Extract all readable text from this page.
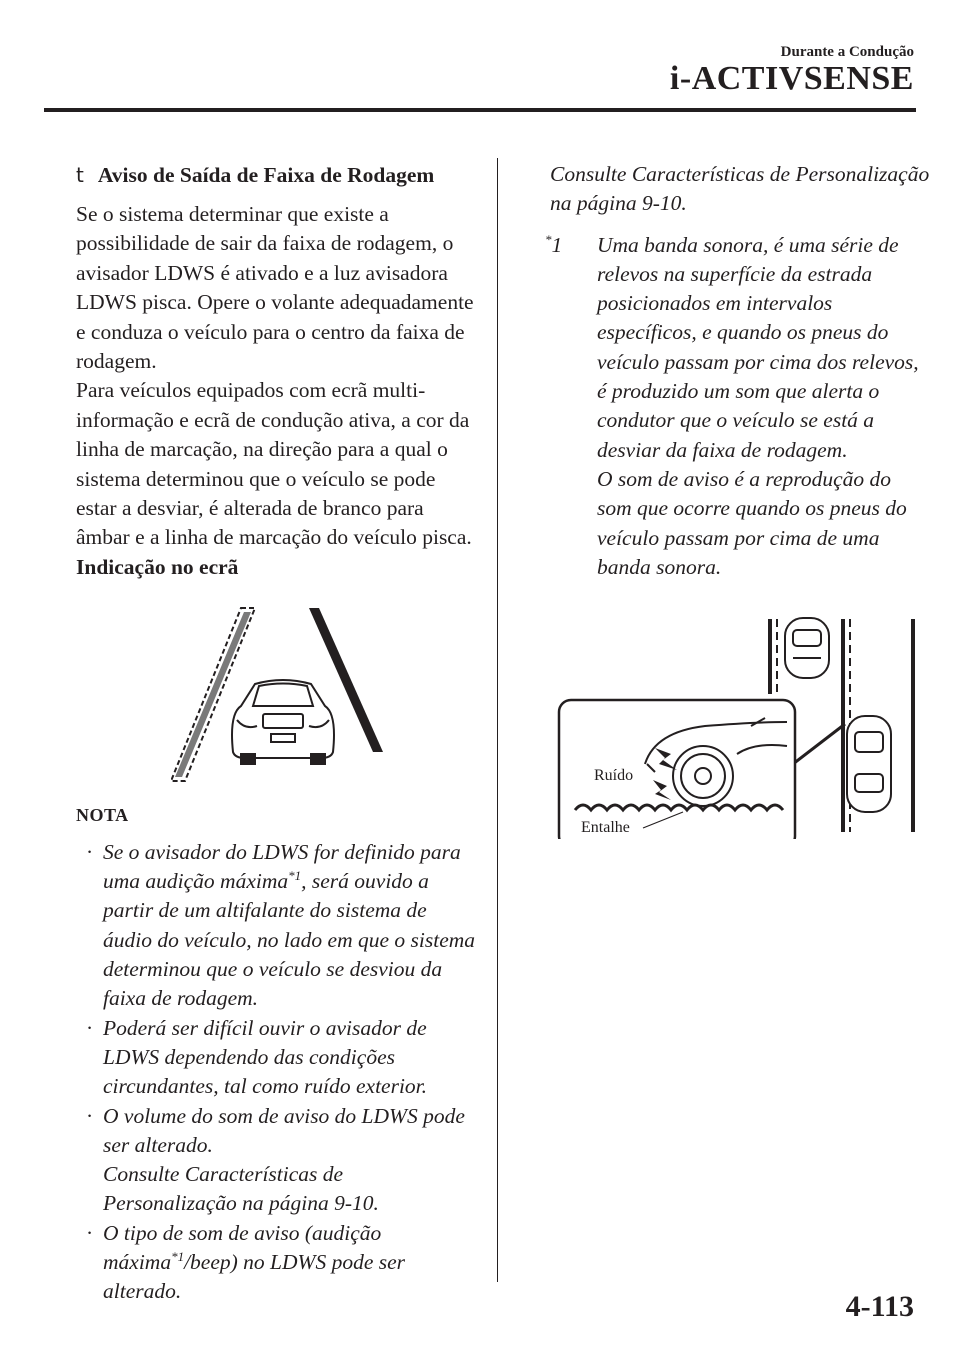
Durante a Condução
i-ACTIVSENSE
t Aviso de Saída de Faixa de Rodagem

Se o sistema determinar que existe a possibilidade de sair da faixa de rodagem, o avisador LDWS é ativado e a luz avisadora LDWS pisca. Opere o volante adequadamente e conduza o veículo para o centro da faixa de rodagem.

Para veículos equipados com ecrã multi-informação e ecrã de condução ativa, a cor da linha de marcação, na direção para a qual o sistema determinou que o veículo se pode estar a desviar, é alterada de branco para âmbar e a linha de marcação do veículo pisca.

Indicação no ecrã

NOTA
· Se o avisador do LDWS for definido para uma audição máxima$^{*1}$, será ouvido a partir de um altifalante do sistema de áudio do veículo, no lado em que o sistema determinou que o veículo se desviou da faixa de rodagem.
· Poderá ser difícil ouvir o avisador de LDWS dependendo das condições circundantes, tal como ruído exterior.
· O volume do som de aviso do LDWS pode ser alterado.
Consulte Características de Personalização na página 9-10.
· O tipo de som de aviso (audição máxima$^{*1}$/beep) no LDWS pode ser alterado.

Consulte Características de Personalização na página 9-10.

*1 Uma banda sonora, é uma série de relevos na superfície da estrada posicionados em intervalos específicos, e quando os pneus do veículo passam por cima dos relevos, é produzido um som que alerta o condutor que o veículo se está a desviar da faixa de rodagem.
O som de aviso é a reprodução do som que ocorre quando os pneus do veículo passam por cima de uma banda sonora.
Ruído
Entalhe
4-113
